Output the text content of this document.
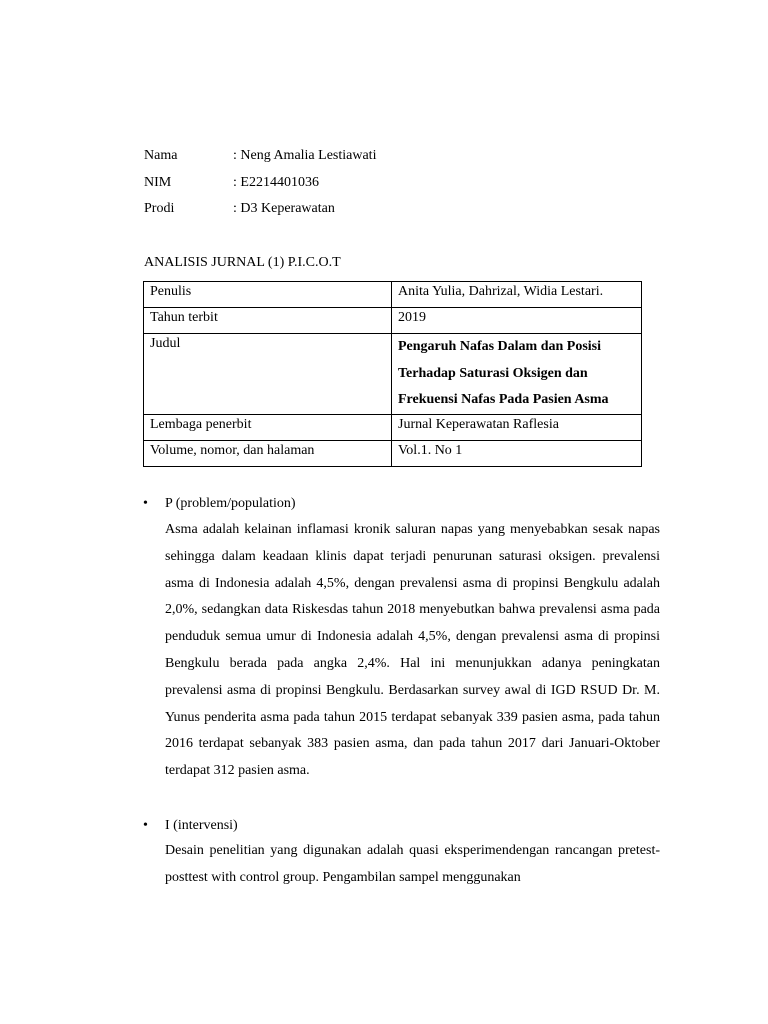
Nama	: Neng Amalia Lestiawati
NIM	: E2214401036
Prodi	: D3 Keperawatan
ANALISIS JURNAL (1) P.I.C.O.T
Penulis	Anita Yulia, Dahrizal, Widia Lestari.
Tahun terbit	2019
Judul	Pengaruh Nafas Dalam dan Posisi Terhadap Saturasi Oksigen dan Frekuensi Nafas Pada Pasien Asma
Lembaga penerbit	Jurnal Keperawatan Raflesia
Volume, nomor, dan halaman	Vol.1. No 1
•	P (problem/population)
Asma adalah kelainan inflamasi kronik saluran napas yang menyebabkan sesak napas sehingga dalam keadaan klinis dapat terjadi penurunan saturasi oksigen. prevalensi asma di Indonesia adalah 4,5%, dengan prevalensi asma di propinsi Bengkulu adalah 2,0%, sedangkan data Riskesdas tahun 2018 menyebutkan bahwa prevalensi asma pada penduduk semua umur di Indonesia adalah 4,5%, dengan prevalensi asma di propinsi Bengkulu berada pada angka 2,4%. Hal ini menunjukkan adanya peningkatan prevalensi asma di propinsi Bengkulu. Berdasarkan survey awal di IGD RSUD Dr. M. Yunus penderita asma pada tahun 2015 terdapat sebanyak 339 pasien asma, pada tahun 2016 terdapat sebanyak 383 pasien asma, dan pada tahun 2017 dari Januari-Oktober terdapat 312 pasien asma.
•	I (intervensi)
Desain penelitian yang digunakan adalah quasi eksperimendengan rancangan pretest-posttest with control group. Pengambilan sampel menggunakan
